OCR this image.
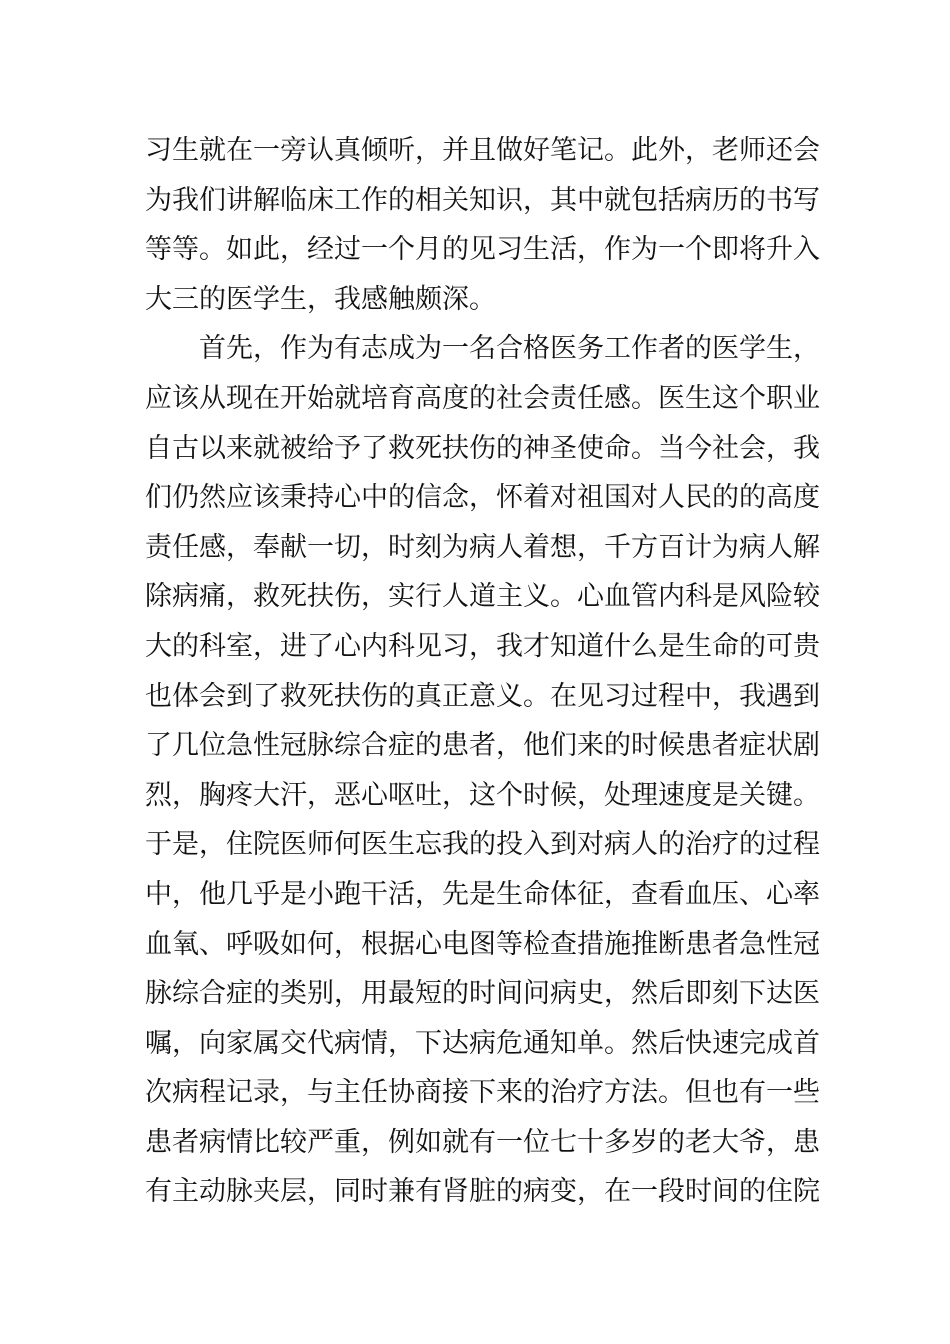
习生就在一旁认真倾听，并且做好笔记。此外，老师还会
为我们讲解临床工作的相关知识，其中就包括病历的书写
等等。如此，经过一个月的见习生活，作为一个即将升入
大三的医学生，我感触颇深。
首先，作为有志成为一名合格医务工作者的医学生，
应该从现在开始就培育高度的社会责任感。医生这个职业
自古以来就被给予了救死扶伤的神圣使命。当今社会，我
们仍然应该秉持心中的信念，怀着对祖国对人民的的高度
责任感，奉献一切，时刻为病人着想，千方百计为病人解
除病痛，救死扶伤，实行人道主义。心血管内科是风险较
大的科室，进了心内科见习，我才知道什么是生命的可贵
也体会到了救死扶伤的真正意义。在见习过程中，我遇到
了几位急性冠脉综合症的患者，他们来的时候患者症状剧
烈，胸疼大汗，恶心呕吐，这个时候，处理速度是关键。
于是，住院医师何医生忘我的投入到对病人的治疗的过程
中，他几乎是小跑干活，先是生命体征，查看血压、心率
血氧、呼吸如何，根据心电图等检查措施推断患者急性冠
脉综合症的类别，用最短的时间问病史，然后即刻下达医
嘱，向家属交代病情，下达病危通知单。然后快速完成首
次病程记录，与主任协商接下来的治疗方法。但也有一些
患者病情比较严重，例如就有一位七十多岁的老大爷，患
有主动脉夹层，同时兼有肾脏的病变，在一段时间的住院
